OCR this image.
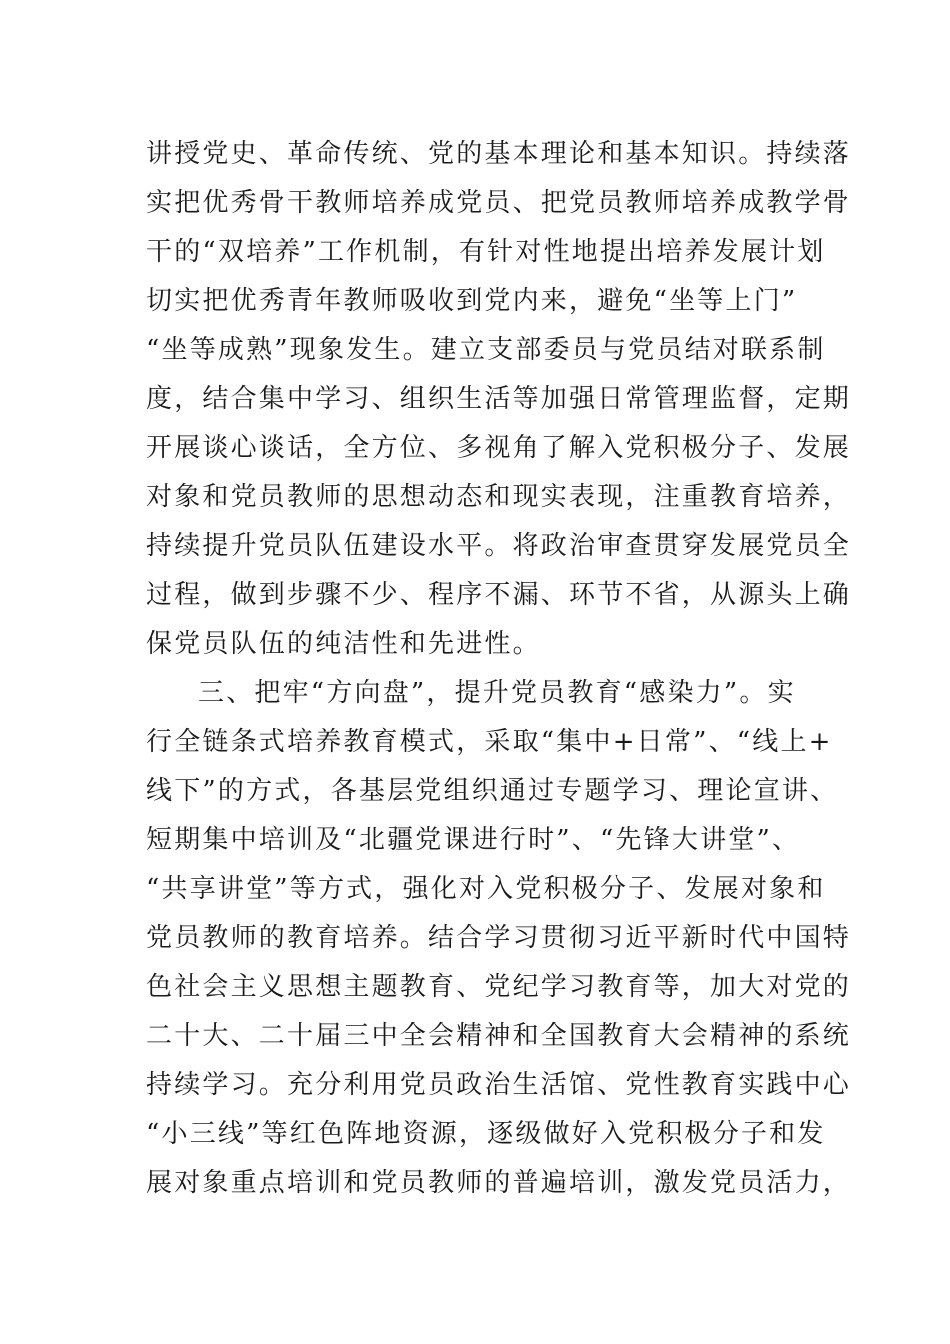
讲授党史、革命传统、党的基本理论和基本知识。持续落
实把优秀骨干教师培养成党员、把党员教师培养成教学骨
干的“双培养”工作机制，有针对性地提出培养发展计划
切实把优秀青年教师吸收到党内来，避免“坐等上门”
“坐等成熟”现象发生。建立支部委员与党员结对联系制
度，结合集中学习、组织生活等加强日常管理监督，定期
开展谈心谈话，全方位、多视角了解入党积极分子、发展
对象和党员教师的思想动态和现实表现，注重教育培养，
持续提升党员队伍建设水平。将政治审查贯穿发展党员全
过程，做到步骤不少、程序不漏、环节不省，从源头上确
保党员队伍的纯洁性和先进性。
三、把牢“方向盘”，提升党员教育“感染力”。实
行全链条式培养教育模式，采取“集中+日常”、“线上+
线下”的方式，各基层党组织通过专题学习、理论宣讲、
短期集中培训及“北疆党课进行时”、“先锋大讲堂”、
“共享讲堂”等方式，强化对入党积极分子、发展对象和
党员教师的教育培养。结合学习贯彻习近平新时代中国特
色社会主义思想主题教育、党纪学习教育等，加大对党的
二十大、二十届三中全会精神和全国教育大会精神的系统
持续学习。充分利用党员政治生活馆、党性教育实践中心
“小三线”等红色阵地资源，逐级做好入党积极分子和发
展对象重点培训和党员教师的普遍培训，激发党员活力，
